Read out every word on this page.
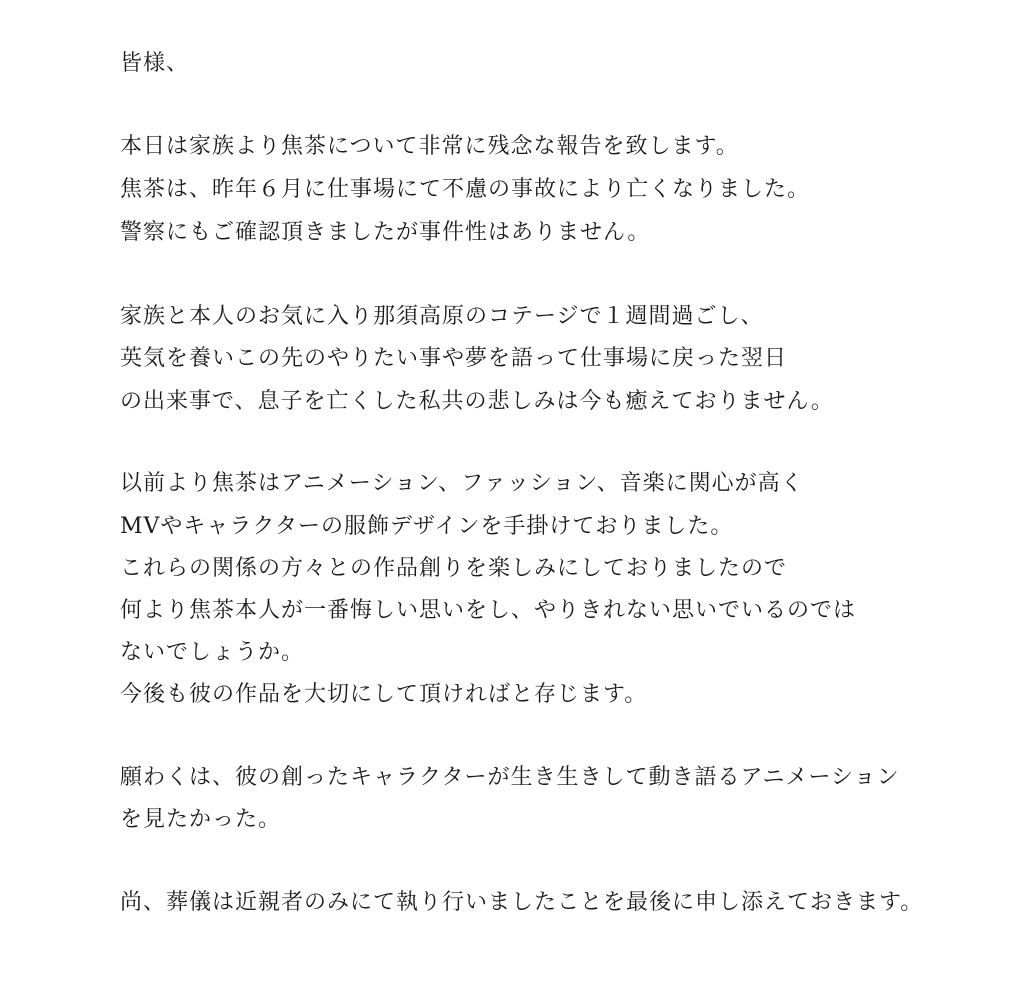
皆様、
本日は家族より焦茶について非常に残念な報告を致します。
焦茶は、昨年６月に仕事場にて不慮の事故により亡くなりました。
警察にもご確認頂きましたが事件性はありません。
家族と本人のお気に入り那須高原のコテージで１週間過ごし、
英気を養いこの先のやりたい事や夢を語って仕事場に戻った翌日
の出来事で、息子を亡くした私共の悲しみは今も癒えておりません。
以前より焦茶はアニメーション、ファッション、音楽に関心が高く
MVやキャラクターの服飾デザインを手掛けておりました。
これらの関係の方々との作品創りを楽しみにしておりましたので
何より焦茶本人が一番悔しい思いをし、やりきれない思いでいるのでは
ないでしょうか。
今後も彼の作品を大切にして頂ければと存じます。
願わくは、彼の創ったキャラクターが生き生きして動き語るアニメーション
を見たかった。
尚、葬儀は近親者のみにて執り行いましたことを最後に申し添えておきます。
